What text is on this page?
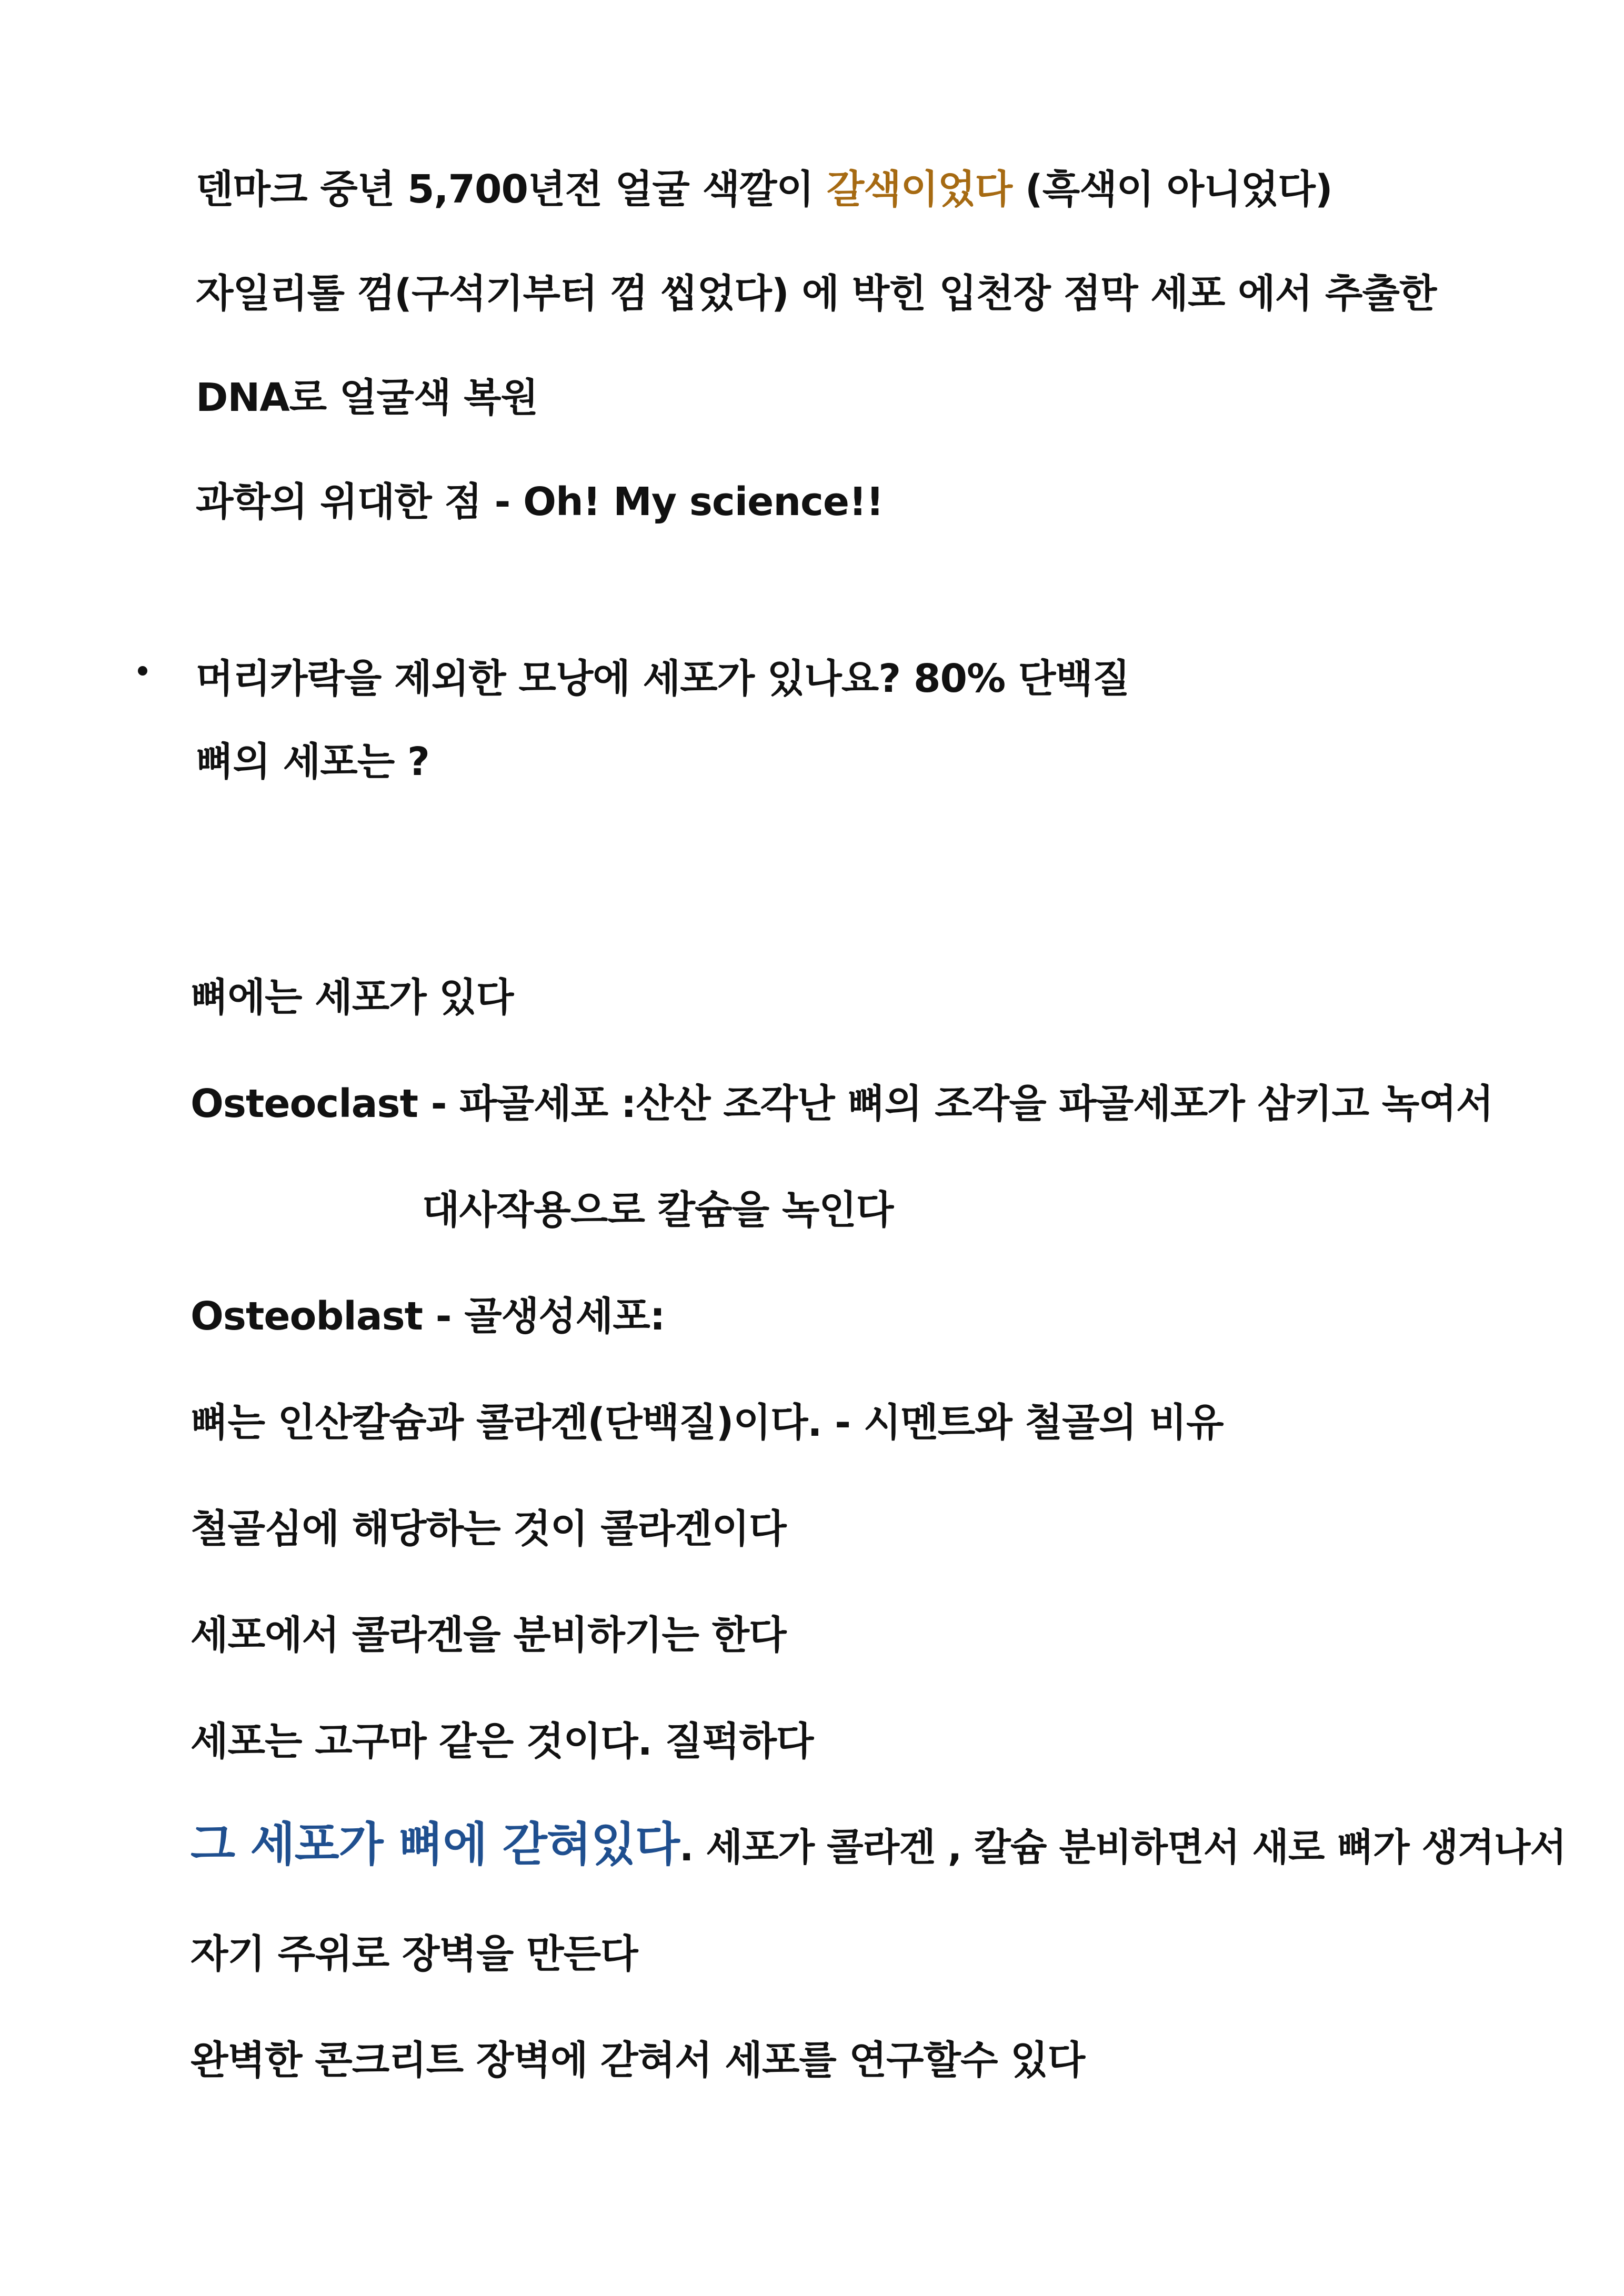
덴마크 중년 5,700년전 얼굴 색깔이 갈색이었다 (흑색이 아니었다)
자일리톨 껌(구석기부터 껌 씹었다) 에 박힌 입천장 점막 세포 에서 추출한
DNA로 얼굴색 복원
과학의 위대한 점 - Oh! My science!!
머리카락을 제외한 모낭에 세포가 있나요? 80% 단백질
뼈의 세포는 ?
뼈에는 세포가 있다
Osteoclast - 파골세포 :산산 조각난 뼈의 조각을 파골세포가 삼키고 녹여서
대사작용으로 칼슘을 녹인다
Osteoblast - 골생성세포:
뼈는 인산칼슘과 콜라겐(단백질)이다. - 시멘트와 철골의 비유
철골심에 해당하는 것이 콜라겐이다
세포에서 콜라겐을 분비하기는 한다
세포는 고구마 같은 것이다. 질퍽하다
그 세포가 뼈에 갇혀있다. 세포가 콜라겐 , 칼슘 분비하면서 새로 뼈가 생겨나서
자기 주위로 장벽을 만든다
완벽한 콘크리트 장벽에 갇혀서 세포를 연구할수 있다
